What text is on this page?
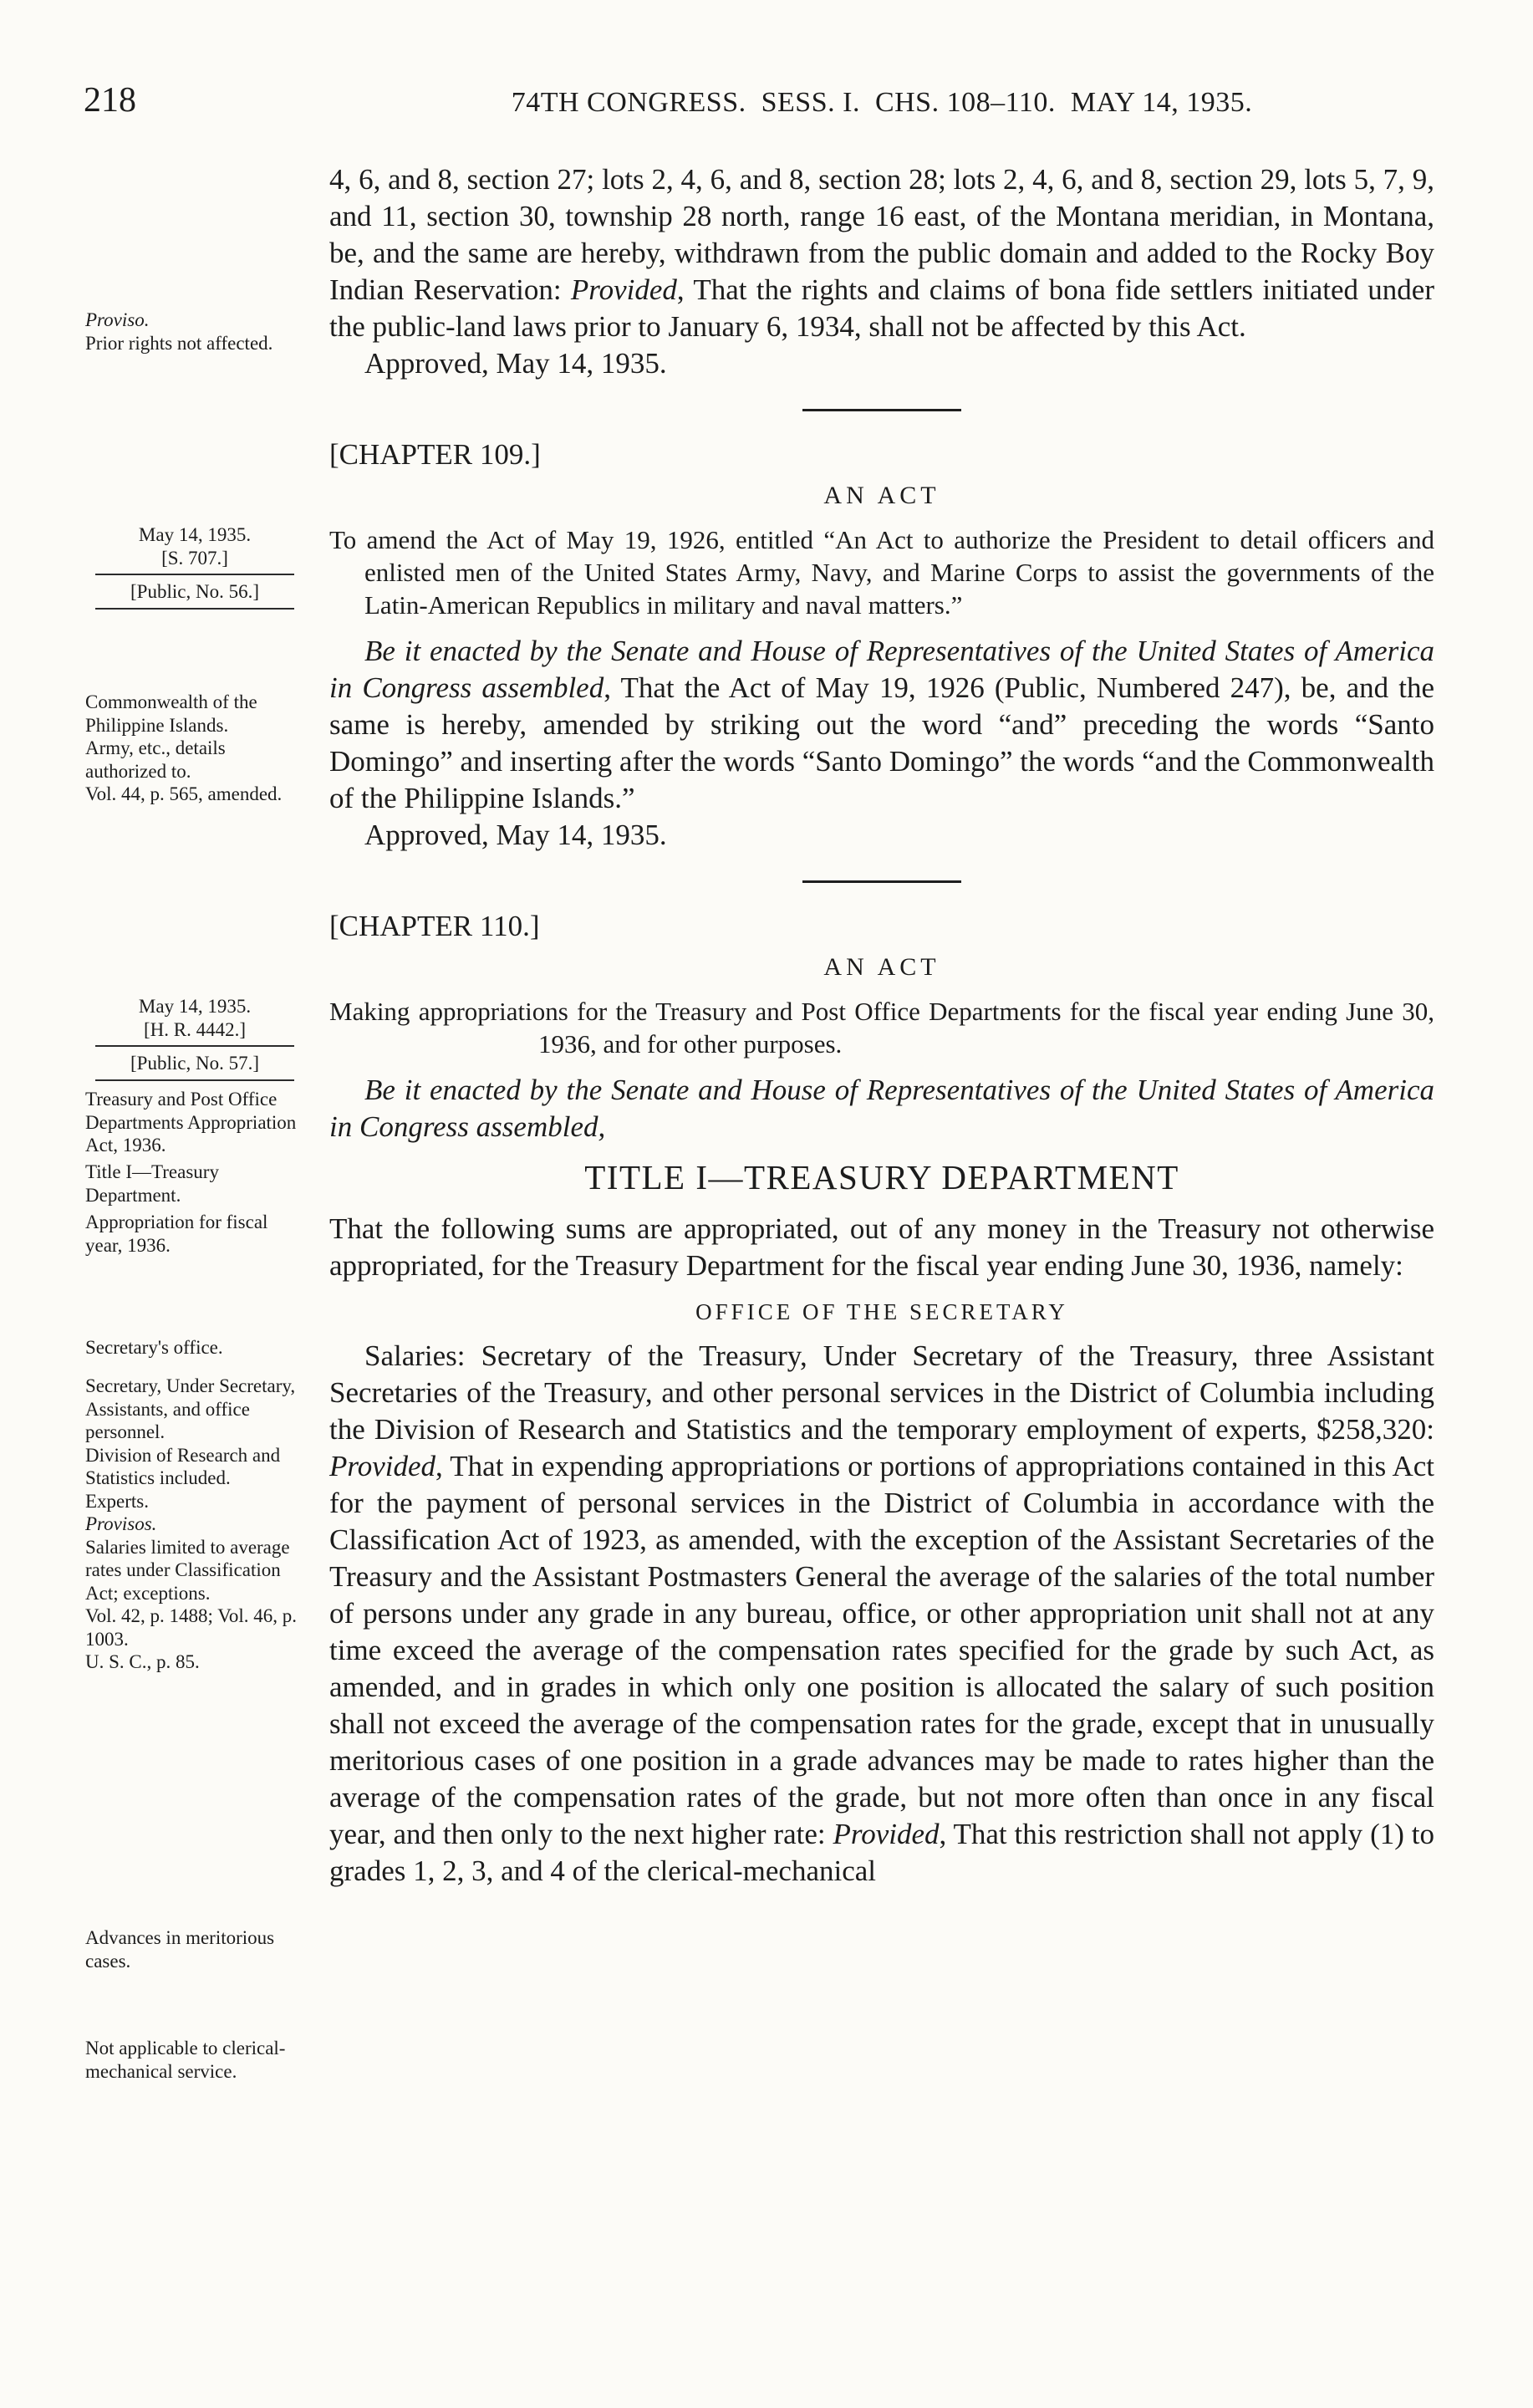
218	74TH CONGRESS.  SESS. I.  CHS. 108–110.  MAY 14, 1935.
Proviso.
Prior rights not affected.

4, 6, and 8, section 27; lots 2, 4, 6, and 8, section 28; lots 2, 4, 6, and 8, section 29, lots 5, 7, 9, and 11, section 30, township 28 north, range 16 east, of the Montana meridian, in Montana, be, and the same are hereby, withdrawn from the public domain and added to the Rocky Boy Indian Reservation: Provided, That the rights and claims of bona fide settlers initiated under the public-land laws prior to January 6, 1934, shall not be affected by this Act.

Approved, May 14, 1935.

May 14, 1935.
[S. 707.]
[Public, No. 56.]
Commonwealth of the Philippine Islands.
Army, etc., details authorized to.
Vol. 44, p. 565, amended.

[CHAPTER 109.]

AN ACT

To amend the Act of May 19, 1926, entitled “An Act to authorize the President to detail officers and enlisted men of the United States Army, Navy, and Marine Corps to assist the governments of the Latin-American Republics in military and naval matters.”

Be it enacted by the Senate and House of Representatives of the United States of America in Congress assembled, That the Act of May 19, 1926 (Public, Numbered 247), be, and the same is hereby, amended by striking out the word “and” preceding the words “Santo Domingo” and inserting after the words “Santo Domingo” the words “and the Commonwealth of the Philippine Islands.”

Approved, May 14, 1935.

May 14, 1935.
[H. R. 4442.]
[Public, No. 57.]
Treasury and Post Office Departments Appropriation Act, 1936.
Title I—Treasury Department.
Appropriation for fiscal year, 1936.
Secretary's office.
Secretary, Under Secretary, Assistants, and office personnel.
Division of Research and Statistics included.
Experts.
Provisos.
Salaries limited to average rates under Classification Act; exceptions.
Vol. 42, p. 1488; Vol. 46, p. 1003.
U. S. C., p. 85.
Advances in meritorious cases.
Not applicable to clerical-mechanical service.

[CHAPTER 110.]

AN ACT

Making appropriations for the Treasury and Post Office Departments for the fiscal year ending June 30, 1936, and for other purposes.

Be it enacted by the Senate and House of Representatives of the United States of America in Congress assembled,

TITLE I—TREASURY DEPARTMENT

That the following sums are appropriated, out of any money in the Treasury not otherwise appropriated, for the Treasury Department for the fiscal year ending June 30, 1936, namely:

OFFICE OF THE SECRETARY

Salaries: Secretary of the Treasury, Under Secretary of the Treasury, three Assistant Secretaries of the Treasury, and other personal services in the District of Columbia including the Division of Research and Statistics and the temporary employment of experts, $258,320: Provided, That in expending appropriations or portions of appropriations contained in this Act for the payment of personal services in the District of Columbia in accordance with the Classification Act of 1923, as amended, with the exception of the Assistant Secretaries of the Treasury and the Assistant Postmasters General the average of the salaries of the total number of persons under any grade in any bureau, office, or other appropriation unit shall not at any time exceed the average of the compensation rates specified for the grade by such Act, as amended, and in grades in which only one position is allocated the salary of such position shall not exceed the average of the compensation rates for the grade, except that in unusually meritorious cases of one position in a grade advances may be made to rates higher than the average of the compensation rates of the grade, but not more often than once in any fiscal year, and then only to the next higher rate: Provided, That this restriction shall not apply (1) to grades 1, 2, 3, and 4 of the clerical-mechanical
